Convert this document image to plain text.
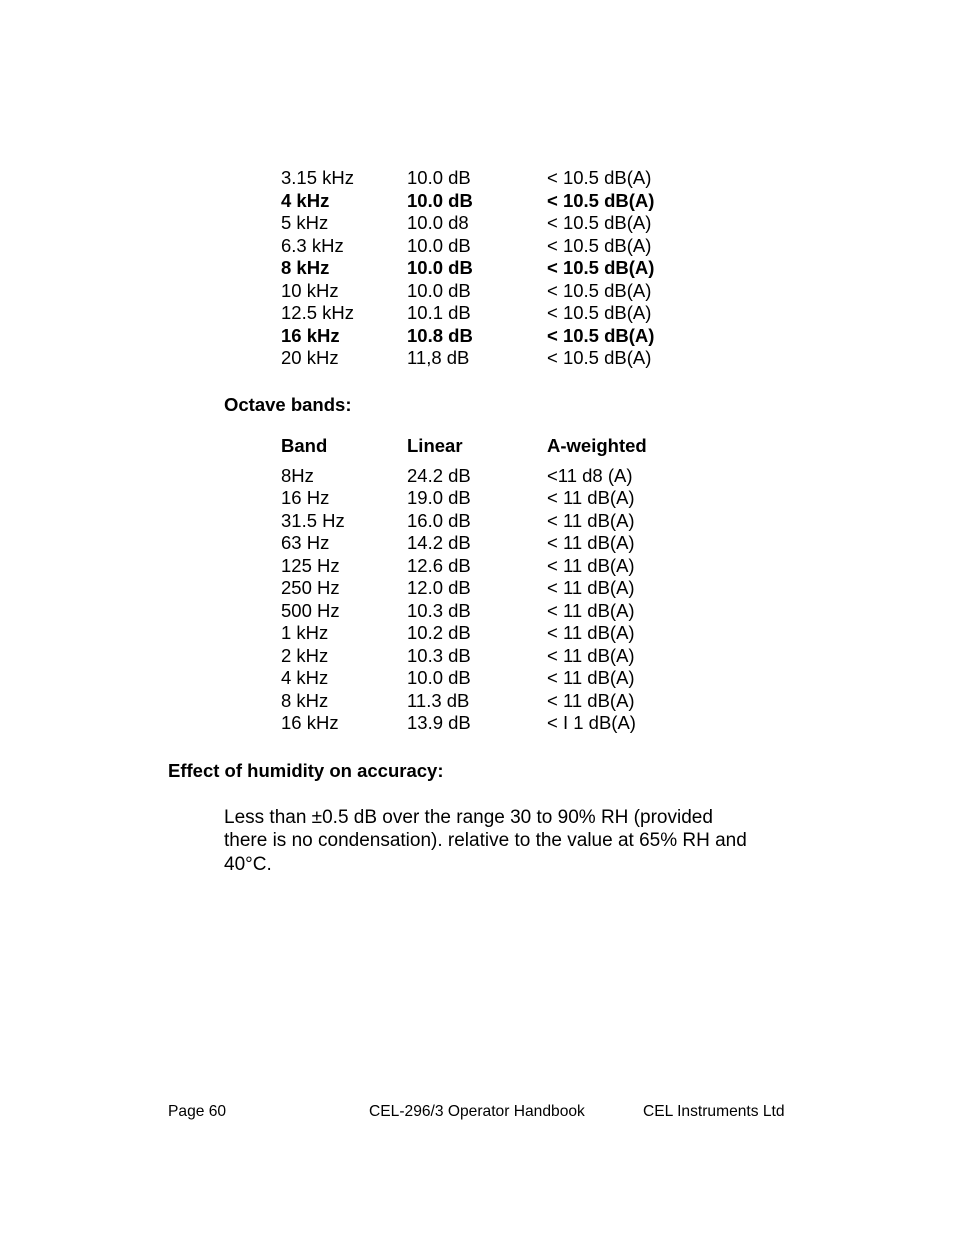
3.15 kHz	10.0 dB	< 10.5 dB(A)
4 kHz	10.0 dB	< 10.5 dB(A)
5 kHz	10.0 d8	< 10.5 dB(A)
6.3 kHz	10.0 dB	< 10.5 dB(A)
8 kHz	10.0 dB	< 10.5 dB(A)
10 kHz	10.0 dB	< 10.5 dB(A)
12.5 kHz	10.1 dB	< 10.5 dB(A)
16 kHz	10.8 dB	< 10.5 dB(A)
20 kHz	11,8 dB	< 10.5 dB(A)
Octave bands:
Band	Linear	A-weighted
8Hz	24.2 dB	<11 d8 (A)
16 Hz	19.0 dB	< 11 dB(A)
31.5 Hz	16.0 dB	< 11 dB(A)
63 Hz	14.2 dB	< 11 dB(A)
125 Hz	12.6 dB	< 11 dB(A)
250 Hz	12.0 dB	< 11 dB(A)
500 Hz	10.3 dB	< 11 dB(A)
1 kHz	10.2 dB	< 11 dB(A)
2 kHz	10.3 dB	< 11 dB(A)
4 kHz	10.0 dB	< 11 dB(A)
8 kHz	11.3 dB	< 11 dB(A)
16 kHz	13.9 dB	< I 1 dB(A)
Effect of humidity on accuracy:
Less than ±0.5 dB over the range 30 to 90% RH (provided
there is no condensation). relative to the value at 65% RH and
40°C.
Page 60	CEL-296/3 Operator Handbook	CEL Instruments Ltd
